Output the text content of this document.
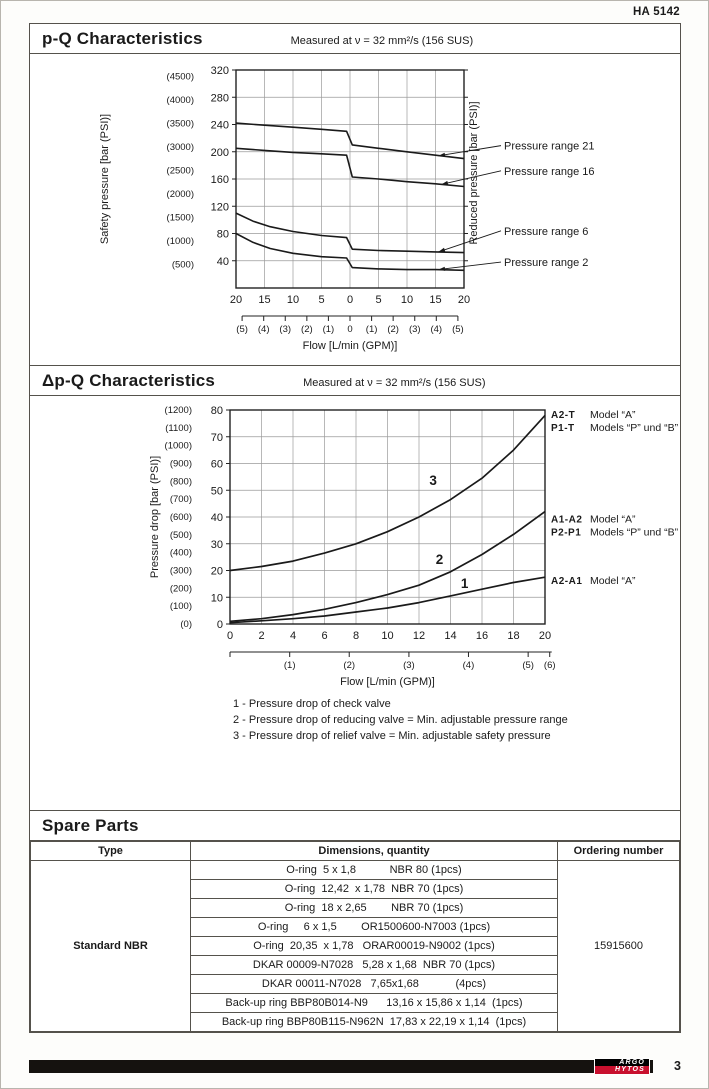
HA 5142
p-Q Characteristics	Measured at ν = 32 mm²/s (156 SUS)
40
80
120
160
200
240
280
320
(500)
(1000)
(1500)
(2000)
(2500)
(3000)
(3500)
(4000)
(4500)
20 15 10 5 0 5 10 15 20
(5) (4) (3) (2) (1) 0 (1) (2) (3) (4) (5)
Flow [L/min (GPM)]
Safety pressure [bar (PSI)]	Reduced pressure [bar (PSI)] Pressure range 21
Pressure range 16
Pressure range 6
Pressure range 2
Δp-Q Characteristics	Measured at ν = 32 mm²/s (156 SUS)
0
10
20
30
40
50
60
70
80
(0)
(100)
(200)
(300)
(400)
(500)
(600)
(700)
(800)
(900)
(1000)
(1100)
(1200)
0 2 4 6 8 10 12 14 16 18 20
(1)	(2)	(3)	(4)	(5) (6)
Flow [L/min (GPM)]
Pressure drop [bar (PSI)]	3
2
1
A2-T Model “A”
P1-T Models “P” und “B”
A1-A2 Model “A”
P2-P1 Models “P” und “B”
A2-A1 Model “A”
1 - Pressure drop of check valve
2 - Pressure drop of reducing valve = Min. adjustable pressure range
3 - Pressure drop of relief valve = Min. adjustable safety pressure
Spare Parts
Type	Dimensions, quantity	Ordering number
Standard NBR	O-ring  5 x 1,8           NBR 80 (1pcs)	15915600
	O-ring  12,42  x 1,78  NBR 70 (1pcs)	
	O-ring  18 x 2,65        NBR 70 (1pcs)	
	O-ring     6 x 1,5        OR1500600-N7003 (1pcs)	
	O-ring  20,35  x 1,78   ORAR00019-N9002 (1pcs)	
	DKAR 00009-N7028   5,28 x 1,68  NBR 70 (1pcs)	
	DKAR 00011-N7028   7,65x1,68            (4pcs)	
	Back-up ring BBP80B014-N9      13,16 x 15,86 x 1,14  (1pcs)	
	Back-up ring BBP80B115-N962N  17,83 x 22,19 x 1,14  (1pcs)	
ARGO
HYTOS	3
